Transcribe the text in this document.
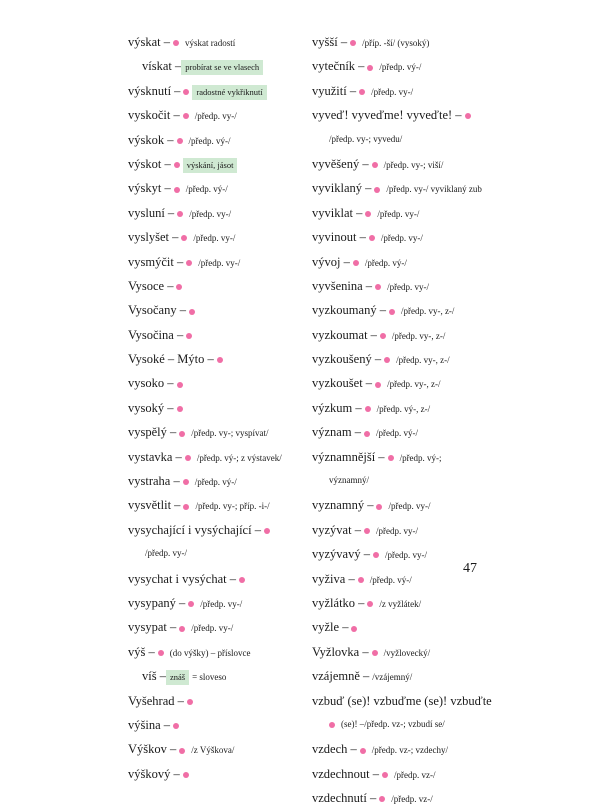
výskat – výskat radostí
vískat – probírat se ve vlasech
výsknutí – radostné vykřiknutí
vyskočit – /předp. vy-/
výskok – /předp. vý-/
výskot – výskání, jásot
výskyt – /předp. vý-/
vysluní – /předp. vy-/
vyslyšet – /předp. vy-/
vysmýčit – /předp. vy-/
Vysoce –
Vysočany –
Vysočina –
Vysoké – Mýto –
vysoko –
vysoký –
vyspělý – /předp. vy-; vyspívat/
vystavka – /předp. vý-; z výstavek/
vystraha – /předp. vý-/
vysvětlit – /předp. vy-; příp. -i-/
vysychající i vysýchající –
/předp. vy-/
vysychat i vysýchat –
vysypaný – /předp. vy-/
vysypat – /předp. vy-/
výš – (do výšky) – příslovce
víš – znáš = sloveso
Vyšehrad –
výšina –
Výškov – /z Výškova/
výškový –
vyšší – /příp. -ší/ (vysoký)
vytečník – /předp. vý-/
využití – /předp. vy-/
vyveď! vyveďme! vyveďte! –
/předp. vy-; vyvedu/
vyvěšený – /předp. vy-; viší/
vyviklaný – /předp. vy-/ vyviklaný zub
vyviklat – /předp. vy-/
vyvinout – /předp. vy-/
vývoj – /předp. vý-/
vyvšenina – /předp. vy-/
vyzkoumaný – /předp. vy-, z-/
vyzkoumat – /předp. vy-, z-/
vyzkoušený – /předp. vy-, z-/
vyzkoušet – /předp. vy-, z-/
výzkum – /předp. vý-, z-/
význam – /předp. vý-/
významnější – /předp. vý-;
významný/
vyznamný – /předp. vy-/
vyzývat – /předp. vy-/
vyzývavý – /předp. vy-/
vyživa – /předp. vý-/
vyžlátko – /z vyžlátek/
vyžle –
Vyžlovka – /vyžlovecký/
vzájemně – /vzájemný/
vzbuď (se)! vzbuďme (se)! vzbuďte
(se)! –/předp. vz-; vzbudí se/
vzdech – /předp. vz-; vzdechy/
vzdechnout – /předp. vz-/
vzdechnutí – /předp. vz-/
47
